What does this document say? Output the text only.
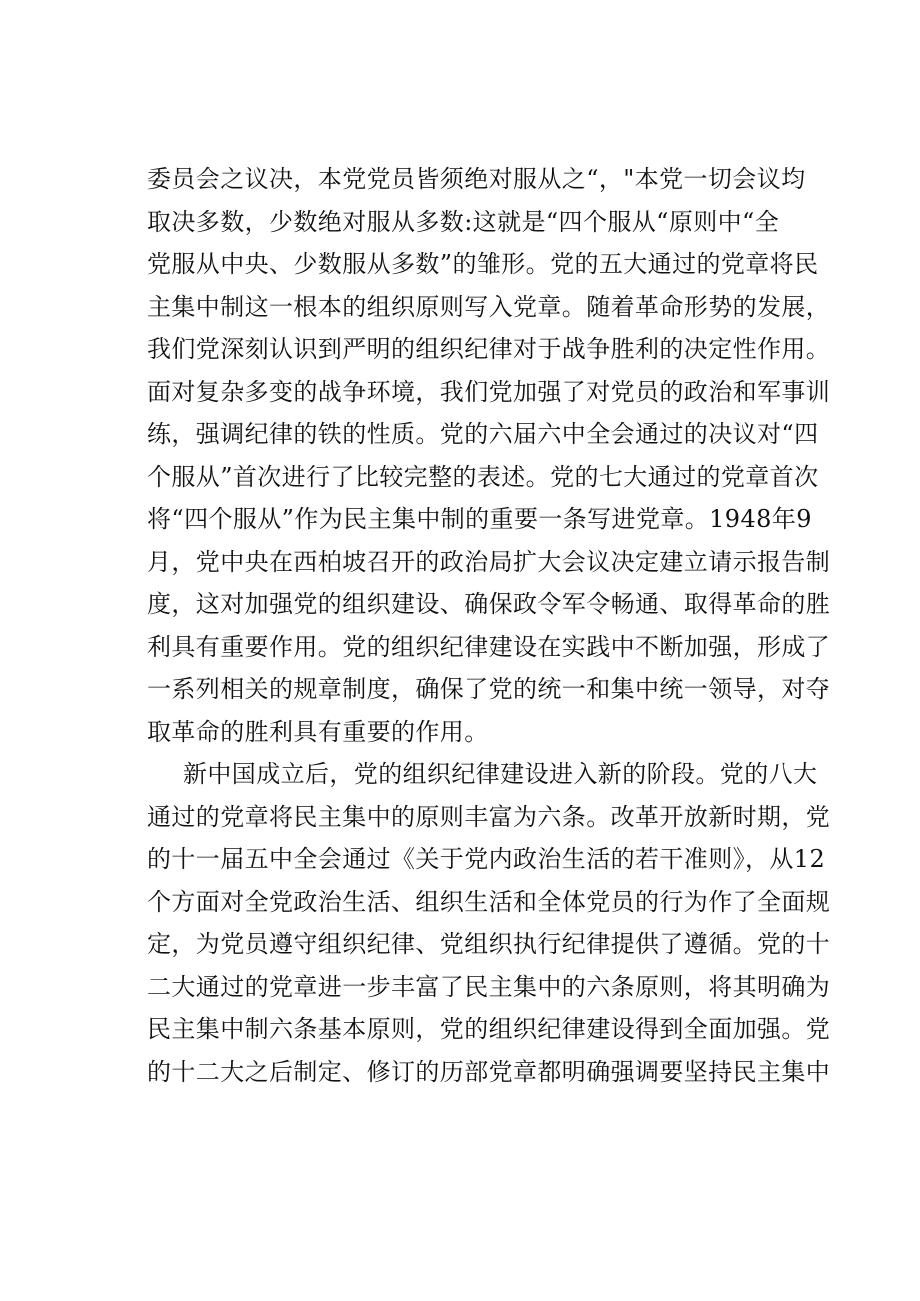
委员会之议决，本党党员皆须绝对服从之“，"本党一切会议均
取决多数，少数绝对服从多数:这就是“四个服从“原则中“全
党服从中央、少数服从多数”的雏形。党的五大通过的党章将民
主集中制这一根本的组织原则写入党章。随着革命形势的发展，
我们党深刻认识到严明的组织纪律对于战争胜利的决定性作用。
面对复杂多变的战争环境，我们党加强了对党员的政治和军事训
练，强调纪律的铁的性质。党的六届六中全会通过的决议对“四
个服从”首次进行了比较完整的表述。党的七大通过的党章首次
将“四个服从”作为民主集中制的重要一条写进党章。1948年9
月，党中央在西柏坡召开的政治局扩大会议决定建立请示报告制
度，这对加强党的组织建设、确保政令军令畅通、取得革命的胜
利具有重要作用。党的组织纪律建设在实践中不断加强，形成了
一系列相关的规章制度，确保了党的统一和集中统一领导，对夺
取革命的胜利具有重要的作用。
新中国成立后，党的组织纪律建设进入新的阶段。党的八大
通过的党章将民主集中的原则丰富为六条。改革开放新时期，党
的十一届五中全会通过《关于党内政治生活的若干准则》，从12
个方面对全党政治生活、组织生活和全体党员的行为作了全面规
定，为党员遵守组织纪律、党组织执行纪律提供了遵循。党的十
二大通过的党章进一步丰富了民主集中的六条原则，将其明确为
民主集中制六条基本原则，党的组织纪律建设得到全面加强。党
的十二大之后制定、修订的历部党章都明确强调要坚持民主集中
